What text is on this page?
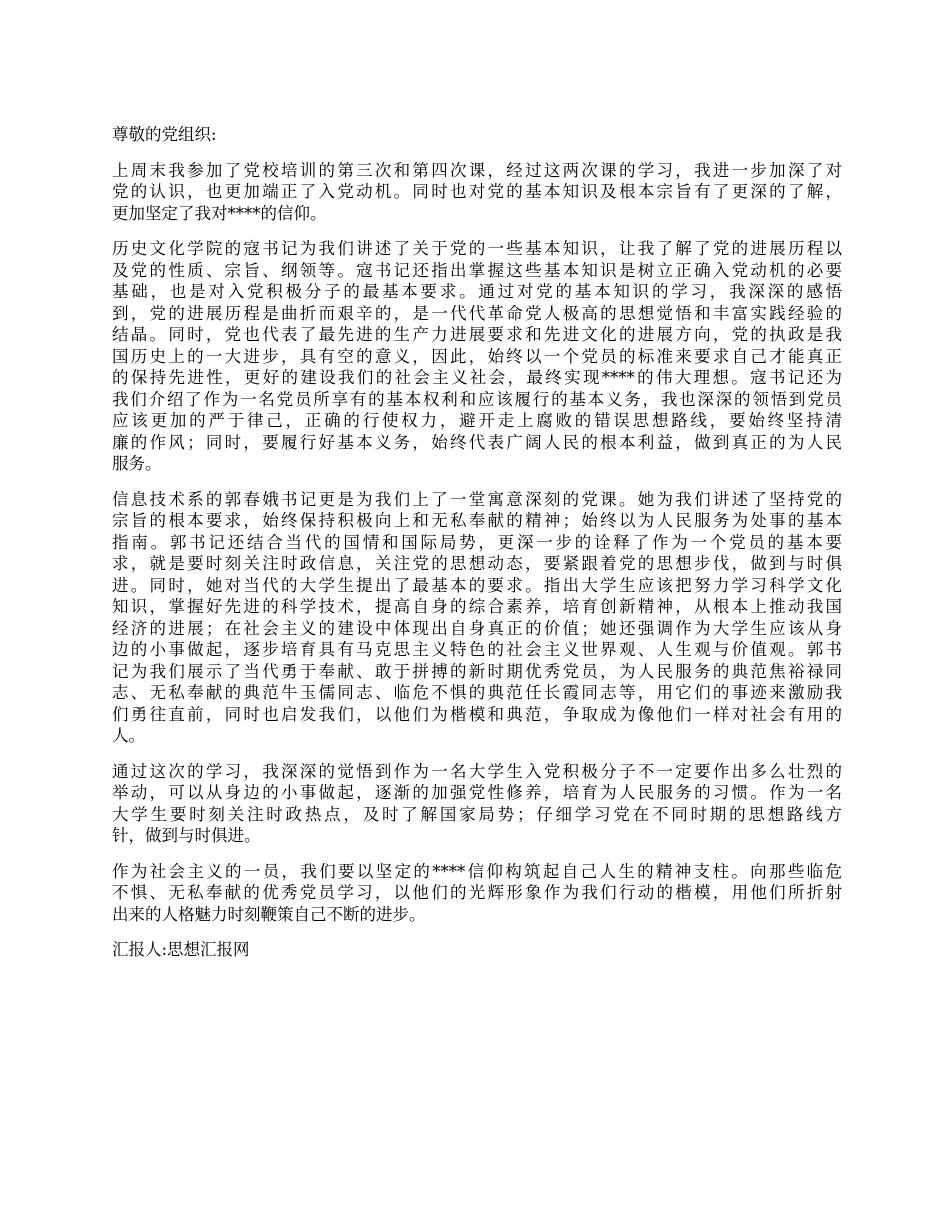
尊敬的党组织:
上周末我参加了党校培训的第三次和第四次课，经过这两次课的学习，我进一步加深了对
党的认识，也更加端正了入党动机。同时也对党的基本知识及根本宗旨有了更深的了解，
更加坚定了我对****的信仰。
历史文化学院的寇书记为我们讲述了关于党的一些基本知识，让我了解了党的进展历程以
及党的性质、宗旨、纲领等。寇书记还指出掌握这些基本知识是树立正确入党动机的必要
基础，也是对入党积极分子的最基本要求。通过对党的基本知识的学习，我深深的感悟
到，党的进展历程是曲折而艰辛的，是一代代革命党人极高的思想觉悟和丰富实践经验的
结晶。同时，党也代表了最先进的生产力进展要求和先进文化的进展方向，党的执政是我
国历史上的一大进步，具有空的意义，因此，始终以一个党员的标准来要求自己才能真正
的保持先进性，更好的建设我们的社会主义社会，最终实现****的伟大理想。寇书记还为
我们介绍了作为一名党员所享有的基本权利和应该履行的基本义务，我也深深的领悟到党员
应该更加的严于律己，正确的行使权力，避开走上腐败的错误思想路线，要始终坚持清
廉的作风；同时，要履行好基本义务，始终代表广阔人民的根本利益，做到真正的为人民
服务。
信息技术系的郭春娥书记更是为我们上了一堂寓意深刻的党课。她为我们讲述了坚持党的
宗旨的根本要求，始终保持积极向上和无私奉献的精神；始终以为人民服务为处事的基本
指南。郭书记还结合当代的国情和国际局势，更深一步的诠释了作为一个党员的基本要
求，就是要时刻关注时政信息，关注党的思想动态，要紧跟着党的思想步伐，做到与时俱
进。同时，她对当代的大学生提出了最基本的要求。指出大学生应该把努力学习科学文化
知识，掌握好先进的科学技术，提高自身的综合素养，培育创新精神，从根本上推动我国
经济的进展；在社会主义的建设中体现出自身真正的价值；她还强调作为大学生应该从身
边的小事做起，逐步培育具有马克思主义特色的社会主义世界观、人生观与价值观。郭书
记为我们展示了当代勇于奉献、敢于拼搏的新时期优秀党员，为人民服务的典范焦裕禄同
志、无私奉献的典范牛玉儒同志、临危不惧的典范任长霞同志等，用它们的事迹来激励我
们勇往直前，同时也启发我们，以他们为楷模和典范，争取成为像他们一样对社会有用的
人。
通过这次的学习，我深深的觉悟到作为一名大学生入党积极分子不一定要作出多么壮烈的
举动，可以从身边的小事做起，逐渐的加强党性修养，培育为人民服务的习惯。作为一名
大学生要时刻关注时政热点，及时了解国家局势；仔细学习党在不同时期的思想路线方
针，做到与时俱进。
作为社会主义的一员，我们要以坚定的****信仰构筑起自己人生的精神支柱。向那些临危
不惧、无私奉献的优秀党员学习，以他们的光辉形象作为我们行动的楷模，用他们所折射
出来的人格魅力时刻鞭策自己不断的进步。
汇报人:思想汇报网
